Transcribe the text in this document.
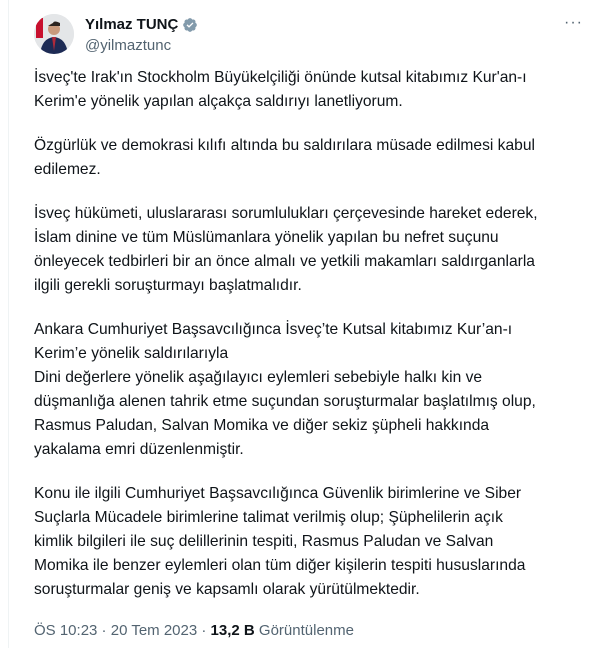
Yılmaz TUNÇ
@yilmaztunc
···

İsveç'te Irak'ın Stockholm Büyükelçiliği önünde kutsal kitabımız Kur'an-ı
Kerim'e yönelik yapılan alçakça saldırıyı lanetliyorum.

Özgürlük ve demokrasi kılıfı altında bu saldırılara müsade edilmesi kabul
edilemez.

İsveç hükümeti, uluslararası sorumlulukları çerçevesinde hareket ederek,
İslam dinine ve tüm Müslümanlara yönelik yapılan bu nefret suçunu
önleyecek tedbirleri bir an önce almalı ve yetkili makamları saldırganlarla
ilgili gerekli soruşturmayı başlatmalıdır.

Ankara Cumhuriyet Başsavcılığınca İsveç’te Kutsal kitabımız Kur’an-ı
Kerim’e yönelik saldırılarıyla
Dini değerlere yönelik aşağılayıcı eylemleri sebebiyle halkı kin ve
düşmanlığa alenen tahrik etme suçundan soruşturmalar başlatılmış olup,
Rasmus Paludan, Salvan Momika ve diğer sekiz şüpheli hakkında
yakalama emri düzenlenmiştir.

Konu ile ilgili Cumhuriyet Başsavcılığınca Güvenlik birimlerine ve Siber
Suçlarla Mücadele birimlerine talimat verilmiş olup; Şüphelilerin açık
kimlik bilgileri ile suç delillerinin tespiti, Rasmus Paludan ve Salvan
Momika ile benzer eylemleri olan tüm diğer kişilerin tespiti hususlarında
soruşturmalar geniş ve kapsamlı olarak yürütülmektedir.

ÖS 10:23 · 20 Tem 2023 · 13,2 B Görüntülenme
